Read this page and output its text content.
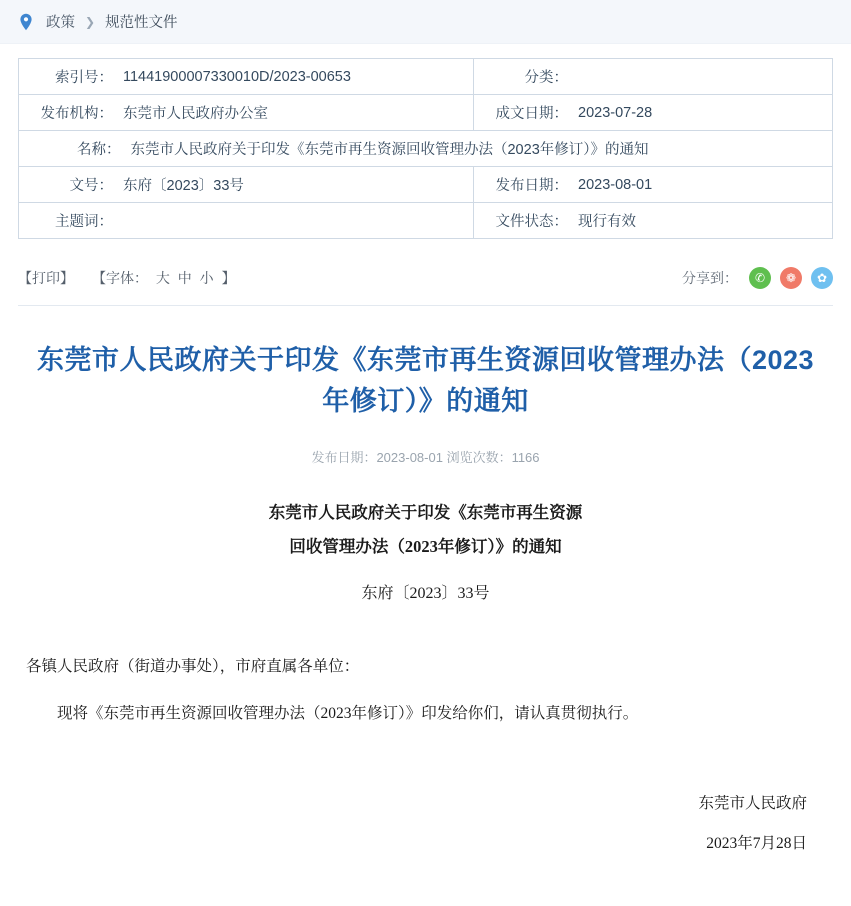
政策 ❯ 规范性文件
索引号： 11441900007330010D/2023-00653	分类：

发布机构： 东莞市人民政府办公室	成文日期： 2023-07-28

名称： 东莞市人民政府关于印发《东莞市再生资源回收管理办法（2023年修订）》的通知	

文号： 东府〔2023〕33号	发布日期： 2023-08-01

主题词：	文件状态： 现行有效
【打印】 【字体： 大 中 小 】	分享到：	✆	❁	✿
东莞市人民政府关于印发《东莞市再生资源回收管理办法（2023年修订）》的通知
发布日期：2023-08-01 浏览次数：1166
东莞市人民政府关于印发《东莞市再生资源
回收管理办法（2023年修订）》的通知
东府〔2023〕33号

各镇人民政府（街道办事处），市府直属各单位：

现将《东莞市再生资源回收管理办法（2023年修订）》印发给你们，请认真贯彻执行。

东莞市人民政府
2023年7月28日
